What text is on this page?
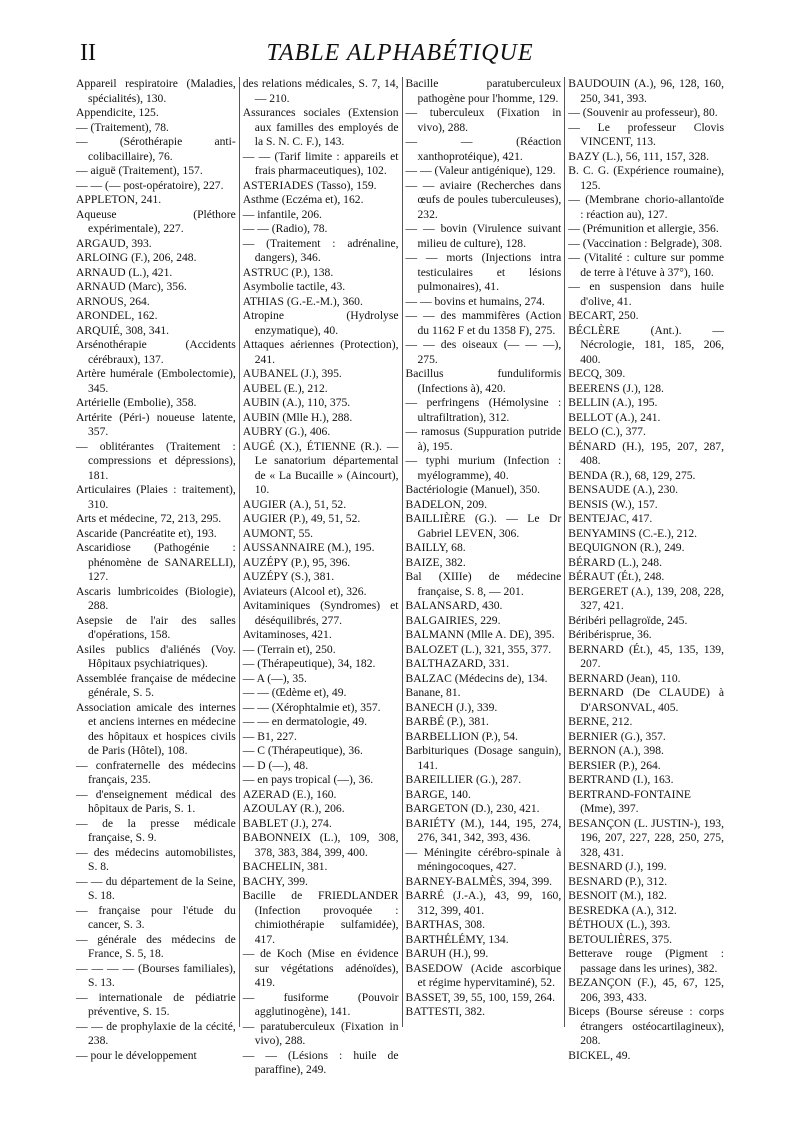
II	TABLE ALPHABÉTIQUE
Appareil respiratoire (Maladies, spécialités), 130.
Appendicite, 125.
— (Traitement), 78.
— (Sérothérapie anti-colibacillaire), 76.
— aiguë (Traitement), 157.
— — (— post-opératoire), 227.
APPLETON, 241.
Aqueuse (Pléthore expérimentale), 227.
ARGAUD, 393.
ARLOING (F.), 206, 248.
ARNAUD (L.), 421.
ARNAUD (Marc), 356.
ARNOUS, 264.
ARONDEL, 162.
ARQUIÉ, 308, 341.
Arsénothérapie (Accidents cérébraux), 137.
Artère humérale (Embolectomie), 345.
Artérielle (Embolie), 358.
Artérite (Péri-) noueuse latente, 357.
— oblitérantes (Traitement : compressions et dépressions), 181.
Articulaires (Plaies : traitement), 310.
Arts et médecine, 72, 213, 295.
Ascaride (Pancréatite et), 193.
Ascaridiose (Pathogénie : phénomène de SANARELLI), 127.
Ascaris lumbricoides (Biologie), 288.
Asepsie de l'air des salles d'opérations, 158.
Asiles publics d'aliénés (Voy. Hôpitaux psychiatriques).
Assemblée française de médecine générale, S. 5.
Association amicale des internes et anciens internes en médecine des hôpitaux et hospices civils de Paris (Hôtel), 108.
— confraternelle des médecins français, 235.
— d'enseignement médical des hôpitaux de Paris, S. 1.
— de la presse médicale française, S. 9.
— des médecins automobilistes, S. 8.
— — du département de la Seine, S. 18.
— française pour l'étude du cancer, S. 3.
— générale des médecins de France, S. 5, 18.
— — — — (Bourses familiales), S. 13.
— internationale de pédiatrie préventive, S. 15.
— — de prophylaxie de la cécité, 238.
— pour le développement
des relations médicales, S. 7, 14, — 210.
Assurances sociales (Extension aux familles des employés de la S. N. C. F.), 143.
— — (Tarif limite : appareils et frais pharmaceutiques), 102.
ASTERIADES (Tasso), 159.
Asthme (Eczéma et), 162.
— infantile, 206.
— — (Radio), 78.
— (Traitement : adrénaline, dangers), 346.
ASTRUC (P.), 138.
Asymbolie tactile, 43.
ATHIAS (G.-E.-M.), 360.
Atropine (Hydrolyse enzymatique), 40.
Attaques aériennes (Protection), 241.
AUBANEL (J.), 395.
AUBEL (E.), 212.
AUBIN (A.), 110, 375.
AUBIN (Mlle H.), 288.
AUBRY (G.), 406.
AUGÉ (X.), ÉTIENNE (R.). — Le sanatorium départemental de « La Bucaille » (Aincourt), 10.
AUGIER (A.), 51, 52.
AUGIER (P.), 49, 51, 52.
AUMONT, 55.
AUSSANNAIRE (M.), 195.
AUZÉPY (P.), 95, 396.
AUZÉPY (S.), 381.
Aviateurs (Alcool et), 326.
Avitaminiques (Syndromes) et déséquilibrés, 277.
Avitaminoses, 421.
— (Terrain et), 250.
— (Thérapeutique), 34, 182.
— A (—), 35.
— — (Œdème et), 49.
— — (Xérophtalmie et), 357.
— — en dermatologie, 49.
— B1, 227.
— C (Thérapeutique), 36.
— D (—), 48.
— en pays tropical (—), 36.
AZERAD (E.), 160.
AZOULAY (R.), 206.
BABLET (J.), 274.
BABONNEIX (L.), 109, 308, 378, 383, 384, 399, 400.
BACHELIN, 381.
BACHY, 399.
Bacille de FRIEDLANDER (Infection provoquée : chimiothérapie sulfamidée), 417.
— de Koch (Mise en évidence sur végétations adénoïdes), 419.
— fusiforme (Pouvoir agglutinogène), 141.
— paratuberculeux (Fixation in vivo), 288.
— — (Lésions : huile de paraffine), 249.
Bacille paratuberculeux pathogène pour l'homme, 129.
— tuberculeux (Fixation in vivo), 288.
— — (Réaction xanthoprotéique), 421.
— — (Valeur antigénique), 129.
— — aviaire (Recherches dans œufs de poules tuberculeuses), 232.
— — bovin (Virulence suivant milieu de culture), 128.
— — morts (Injections intra testiculaires et lésions pulmonaires), 41.
— — bovins et humains, 274.
— — des mammifères (Action du 1162 F et du 1358 F), 275.
— — des oiseaux (— — —), 275.
Bacillus funduliformis (Infections à), 420.
— perfringens (Hémolysine : ultrafiltration), 312.
— ramosus (Suppuration putride à), 195.
— typhi murium (Infection : myélogramme), 40.
Bactériologie (Manuel), 350.
BADELON, 209.
BAILLIÈRE (G.). — Le Dr Gabriel LEVEN, 306.
BAILLY, 68.
BAIZE, 382.
Bal (XIIIe) de médecine française, S. 8, — 201.
BALANSARD, 430.
BALGAIRIES, 229.
BALMANN (Mlle A. DE), 395.
BALOZET (L.), 321, 355, 377.
BALTHAZARD, 331.
BALZAC (Médecins de), 134.
Banane, 81.
BANECH (J.), 339.
BARBÉ (P.), 381.
BARBELLION (P.), 54.
Barbituriques (Dosage sanguin), 141.
BAREILLIER (G.), 287.
BARGE, 140.
BARGETON (D.), 230, 421.
BARIÉTY (M.), 144, 195, 274, 276, 341, 342, 393, 436.
— Méningite cérébro-spinale à méningocoques, 427.
BARNEY-BALMÈS, 394, 399.
BARRÉ (J.-A.), 43, 99, 160, 312, 399, 401.
BARTHAS, 308.
BARTHÉLÉMY, 134.
BARUH (H.), 99.
BASEDOW (Acide ascorbique et régime hypervitaminé), 52.
BASSET, 39, 55, 100, 159, 264.
BATTESTI, 382.
BAUDOUIN (A.), 96, 128, 160, 250, 341, 393.
— (Souvenir au professeur), 80.
— Le professeur Clovis VINCENT, 113.
BAZY (L.), 56, 111, 157, 328.
B. C. G. (Expérience roumaine), 125.
— (Membrane chorio-allantoïde : réaction au), 127.
— (Prémunition et allergie, 356.
— (Vaccination : Belgrade), 308.
— (Vitalité : culture sur pomme de terre à l'étuve à 37°), 160.
— en suspension dans huile d'olive, 41.
BECART, 250.
BÉCLÈRE (Ant.). — Nécrologie, 181, 185, 206, 400.
BECQ, 309.
BEERENS (J.), 128.
BELLIN (A.), 195.
BELLOT (A.), 241.
BELO (C.), 377.
BÉNARD (H.), 195, 207, 287, 408.
BENDA (R.), 68, 129, 275.
BENSAUDE (A.), 230.
BENSIS (W.), 157.
BENTEJAC, 417.
BENYAMINS (C.-E.), 212.
BEQUIGNON (R.), 249.
BÉRARD (L.), 248.
BÉRAUT (Ét.), 248.
BERGERET (A.), 139, 208, 228, 327, 421.
Béribéri pellagroïde, 245.
Béribérisprue, 36.
BERNARD (Ét.), 45, 135, 139, 207.
BERNARD (Jean), 110.
BERNARD (De CLAUDE) à D'ARSONVAL, 405.
BERNE, 212.
BERNIER (G.), 357.
BERNON (A.), 398.
BERSIER (P.), 264.
BERTRAND (I.), 163.
BERTRAND-FONTAINE (Mme), 397.
BESANÇON (L. JUSTIN-), 193, 196, 207, 227, 228, 250, 275, 328, 431.
BESNARD (J.), 199.
BESNARD (P.), 312.
BESNOIT (M.), 182.
BESREDKA (A.), 312.
BÉTHOUX (L.), 393.
BETOULIÈRES, 375.
Betterave rouge (Pigment : passage dans les urines), 382.
BEZANÇON (F.), 45, 67, 125, 206, 393, 433.
Biceps (Bourse séreuse : corps étrangers ostéocartilagineux), 208.
BICKEL, 49.
